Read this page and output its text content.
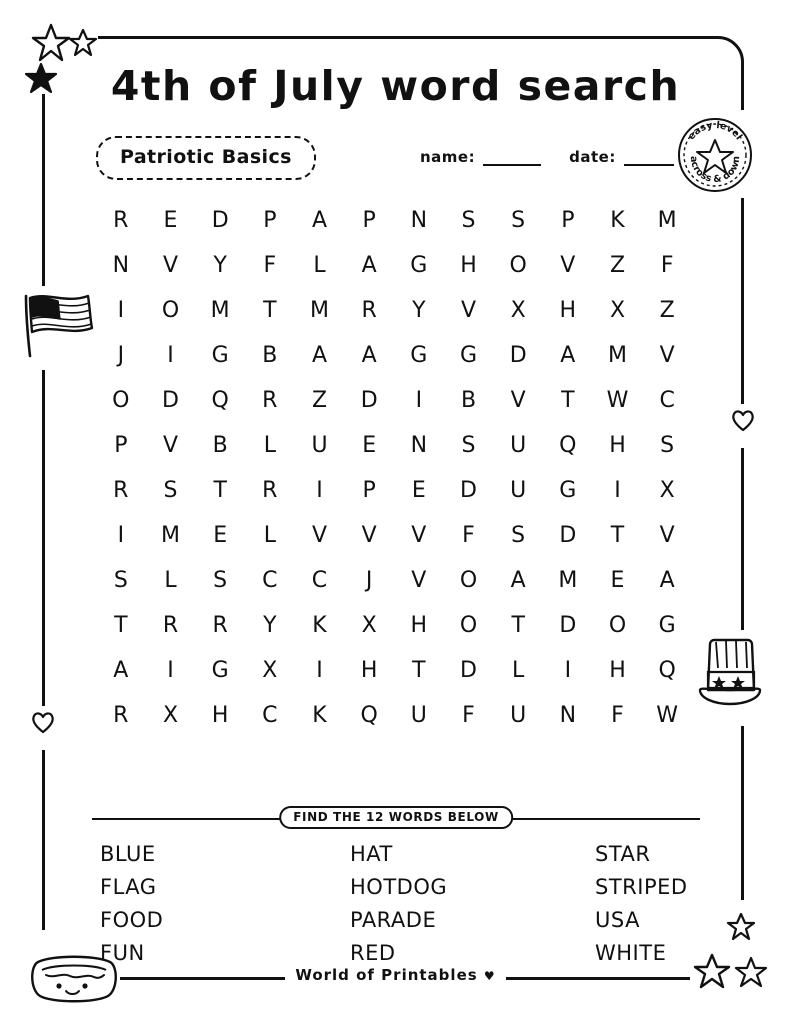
4th of July word search
Patriotic Basics	name:	date:
easy level
across & down
R	E	D	P	A	P	N	S	S	P	K	M
N	V	Y	F	L	A	G	H	O	V	Z	F
I	O	M	T	M	R	Y	V	X	H	X	Z
J	I	G	B	A	A	G	G	D	A	M	V
O	D	Q	R	Z	D	I	B	V	T	W	C
P	V	B	L	U	E	N	S	U	Q	H	S
R	S	T	R	I	P	E	D	U	G	I	X
I	M	E	L	V	V	V	F	S	D	T	V
S	L	S	C	C	J	V	O	A	M	E	A
T	R	R	Y	K	X	H	O	T	D	O	G
A	I	G	X	I	H	T	D	L	I	H	Q
R	X	H	C	K	Q	U	F	U	N	F	W
FIND THE 12 WORDS BELOW
BLUE	HAT	STAR
FLAG	HOTDOG	STRIPED
FOOD	PARADE	USA
FUN	RED	WHITE
World of Printables ♥
